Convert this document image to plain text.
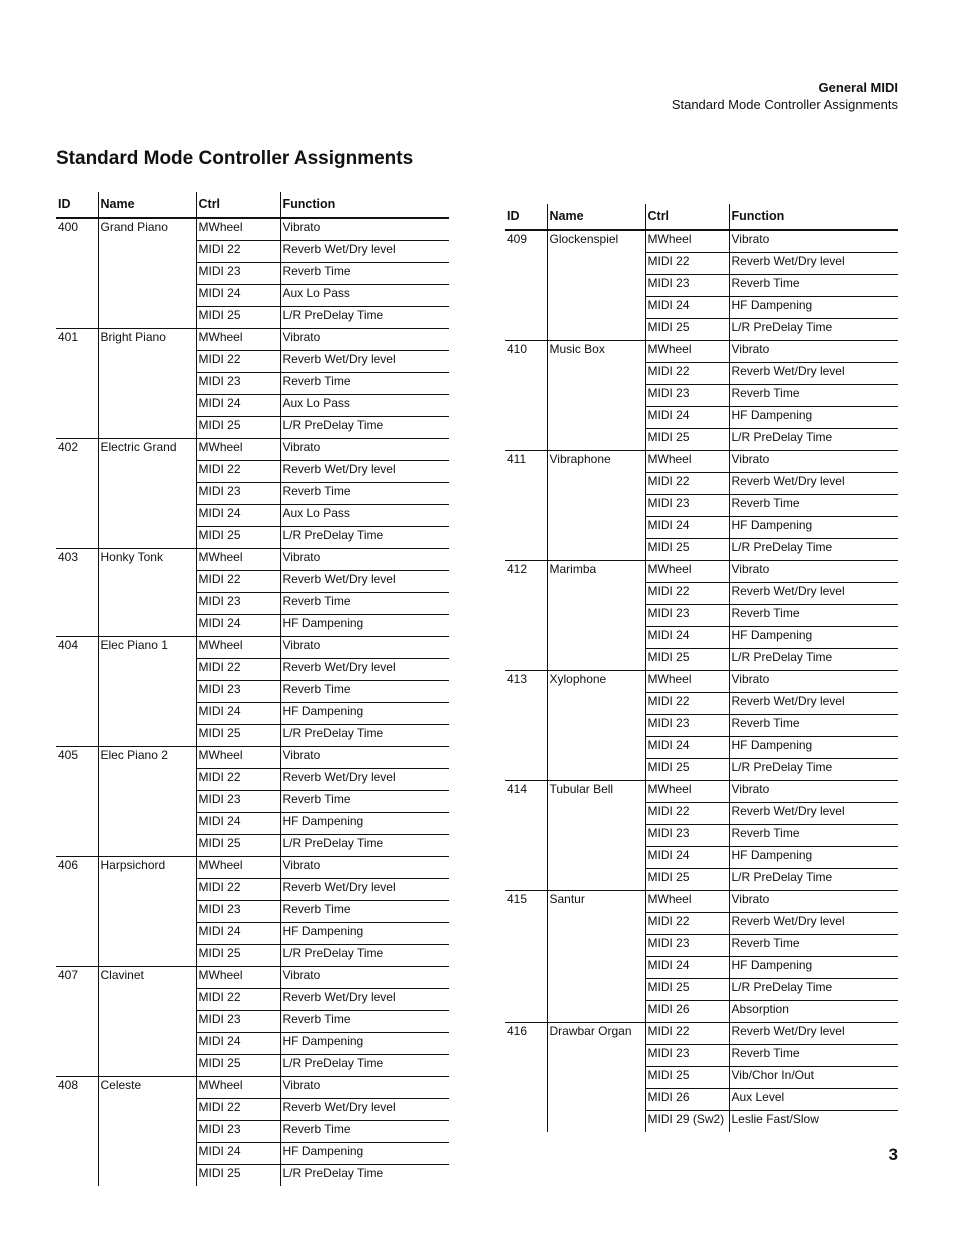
General MIDI
Standard Mode Controller Assignments
Standard Mode Controller Assignments
ID	Name	Ctrl	Function
400	Grand Piano	MWheel	Vibrato
		MIDI 22	Reverb Wet/Dry level
		MIDI 23	Reverb Time
		MIDI 24	Aux Lo Pass
		MIDI 25	L/R PreDelay Time
401	Bright Piano	MWheel	Vibrato
		MIDI 22	Reverb Wet/Dry level
		MIDI 23	Reverb Time
		MIDI 24	Aux Lo Pass
		MIDI 25	L/R PreDelay Time
402	Electric Grand	MWheel	Vibrato
		MIDI 22	Reverb Wet/Dry level
		MIDI 23	Reverb Time
		MIDI 24	Aux Lo Pass
		MIDI 25	L/R PreDelay Time
403	Honky Tonk	MWheel	Vibrato
		MIDI 22	Reverb Wet/Dry level
		MIDI 23	Reverb Time
		MIDI 24	HF Dampening
404	Elec Piano 1	MWheel	Vibrato
		MIDI 22	Reverb Wet/Dry level
		MIDI 23	Reverb Time
		MIDI 24	HF Dampening
		MIDI 25	L/R PreDelay Time
405	Elec Piano 2	MWheel	Vibrato
		MIDI 22	Reverb Wet/Dry level
		MIDI 23	Reverb Time
		MIDI 24	HF Dampening
		MIDI 25	L/R PreDelay Time
406	Harpsichord	MWheel	Vibrato
		MIDI 22	Reverb Wet/Dry level
		MIDI 23	Reverb Time
		MIDI 24	HF Dampening
		MIDI 25	L/R PreDelay Time
407	Clavinet	MWheel	Vibrato
		MIDI 22	Reverb Wet/Dry level
		MIDI 23	Reverb Time
		MIDI 24	HF Dampening
		MIDI 25	L/R PreDelay Time
408	Celeste	MWheel	Vibrato
		MIDI 22	Reverb Wet/Dry level
		MIDI 23	Reverb Time
		MIDI 24	HF Dampening
		MIDI 25	L/R PreDelay Time
ID	Name	Ctrl	Function
409	Glockenspiel	MWheel	Vibrato
		MIDI 22	Reverb Wet/Dry level
		MIDI 23	Reverb Time
		MIDI 24	HF Dampening
		MIDI 25	L/R PreDelay Time
410	Music Box	MWheel	Vibrato
		MIDI 22	Reverb Wet/Dry level
		MIDI 23	Reverb Time
		MIDI 24	HF Dampening
		MIDI 25	L/R PreDelay Time
411	Vibraphone	MWheel	Vibrato
		MIDI 22	Reverb Wet/Dry level
		MIDI 23	Reverb Time
		MIDI 24	HF Dampening
		MIDI 25	L/R PreDelay Time
412	Marimba	MWheel	Vibrato
		MIDI 22	Reverb Wet/Dry level
		MIDI 23	Reverb Time
		MIDI 24	HF Dampening
		MIDI 25	L/R PreDelay Time
413	Xylophone	MWheel	Vibrato
		MIDI 22	Reverb Wet/Dry level
		MIDI 23	Reverb Time
		MIDI 24	HF Dampening
		MIDI 25	L/R PreDelay Time
414	Tubular Bell	MWheel	Vibrato
		MIDI 22	Reverb Wet/Dry level
		MIDI 23	Reverb Time
		MIDI 24	HF Dampening
		MIDI 25	L/R PreDelay Time
415	Santur	MWheel	Vibrato
		MIDI 22	Reverb Wet/Dry level
		MIDI 23	Reverb Time
		MIDI 24	HF Dampening
		MIDI 25	L/R PreDelay Time
		MIDI 26	Absorption
416	Drawbar Organ	MIDI 22	Reverb Wet/Dry level
		MIDI 23	Reverb Time
		MIDI 25	Vib/Chor In/Out
		MIDI 26	Aux Level
		MIDI 29 (Sw2)	Leslie Fast/Slow
3
